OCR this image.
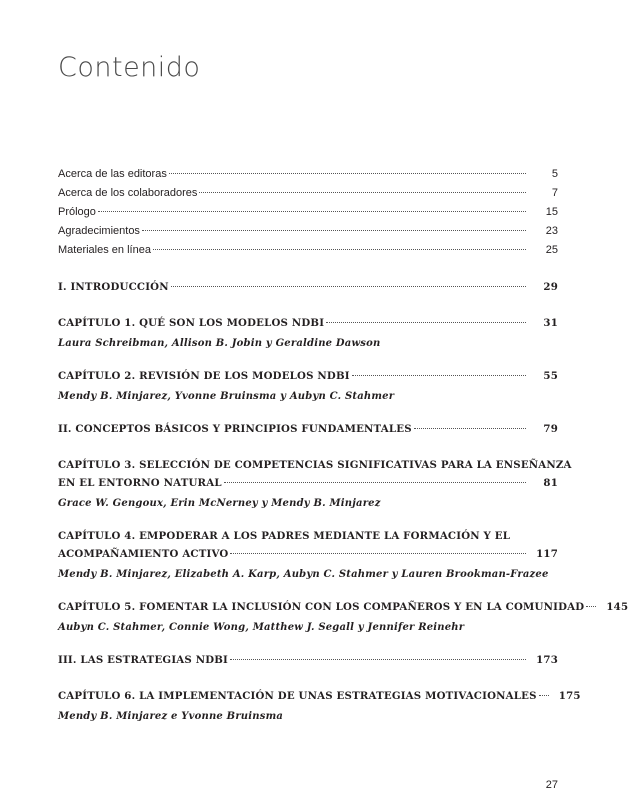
Contenido
Acerca de las editoras	5
Acerca de los colaboradores	7
Prólogo	15
Agradecimientos	23
Materiales en línea	25
I. INTRODUCCIÓN	29
CAPÍTULO 1. QUÉ SON LOS MODELOS NDBI	31
Laura Schreibman, Allison B. Jobin y Geraldine Dawson
CAPÍTULO 2. REVISIÓN DE LOS MODELOS NDBI	55
Mendy B. Minjarez, Yvonne Bruinsma y Aubyn C. Stahmer
II. CONCEPTOS BÁSICOS Y PRINCIPIOS FUNDAMENTALES	79
CAPÍTULO 3. SELECCIÓN DE COMPETENCIAS SIGNIFICATIVAS PARA LA ENSEÑANZA
EN EL ENTORNO NATURAL	81
Grace W. Gengoux, Erin McNerney y Mendy B. Minjarez
CAPÍTULO 4. EMPODERAR A LOS PADRES MEDIANTE LA FORMACIÓN Y EL
ACOMPAÑAMIENTO ACTIVO	117
Mendy B. Minjarez, Elizabeth A. Karp, Aubyn C. Stahmer y Lauren Brookman-Frazee
CAPÍTULO 5. FOMENTAR LA INCLUSIÓN CON LOS COMPAÑEROS Y EN LA COMUNIDAD	145
Aubyn C. Stahmer, Connie Wong, Matthew J. Segall y Jennifer Reinehr
III. LAS ESTRATEGIAS NDBI	173
CAPÍTULO 6. LA IMPLEMENTACIÓN DE UNAS ESTRATEGIAS MOTIVACIONALES	175
Mendy B. Minjarez e Yvonne Bruinsma
27
